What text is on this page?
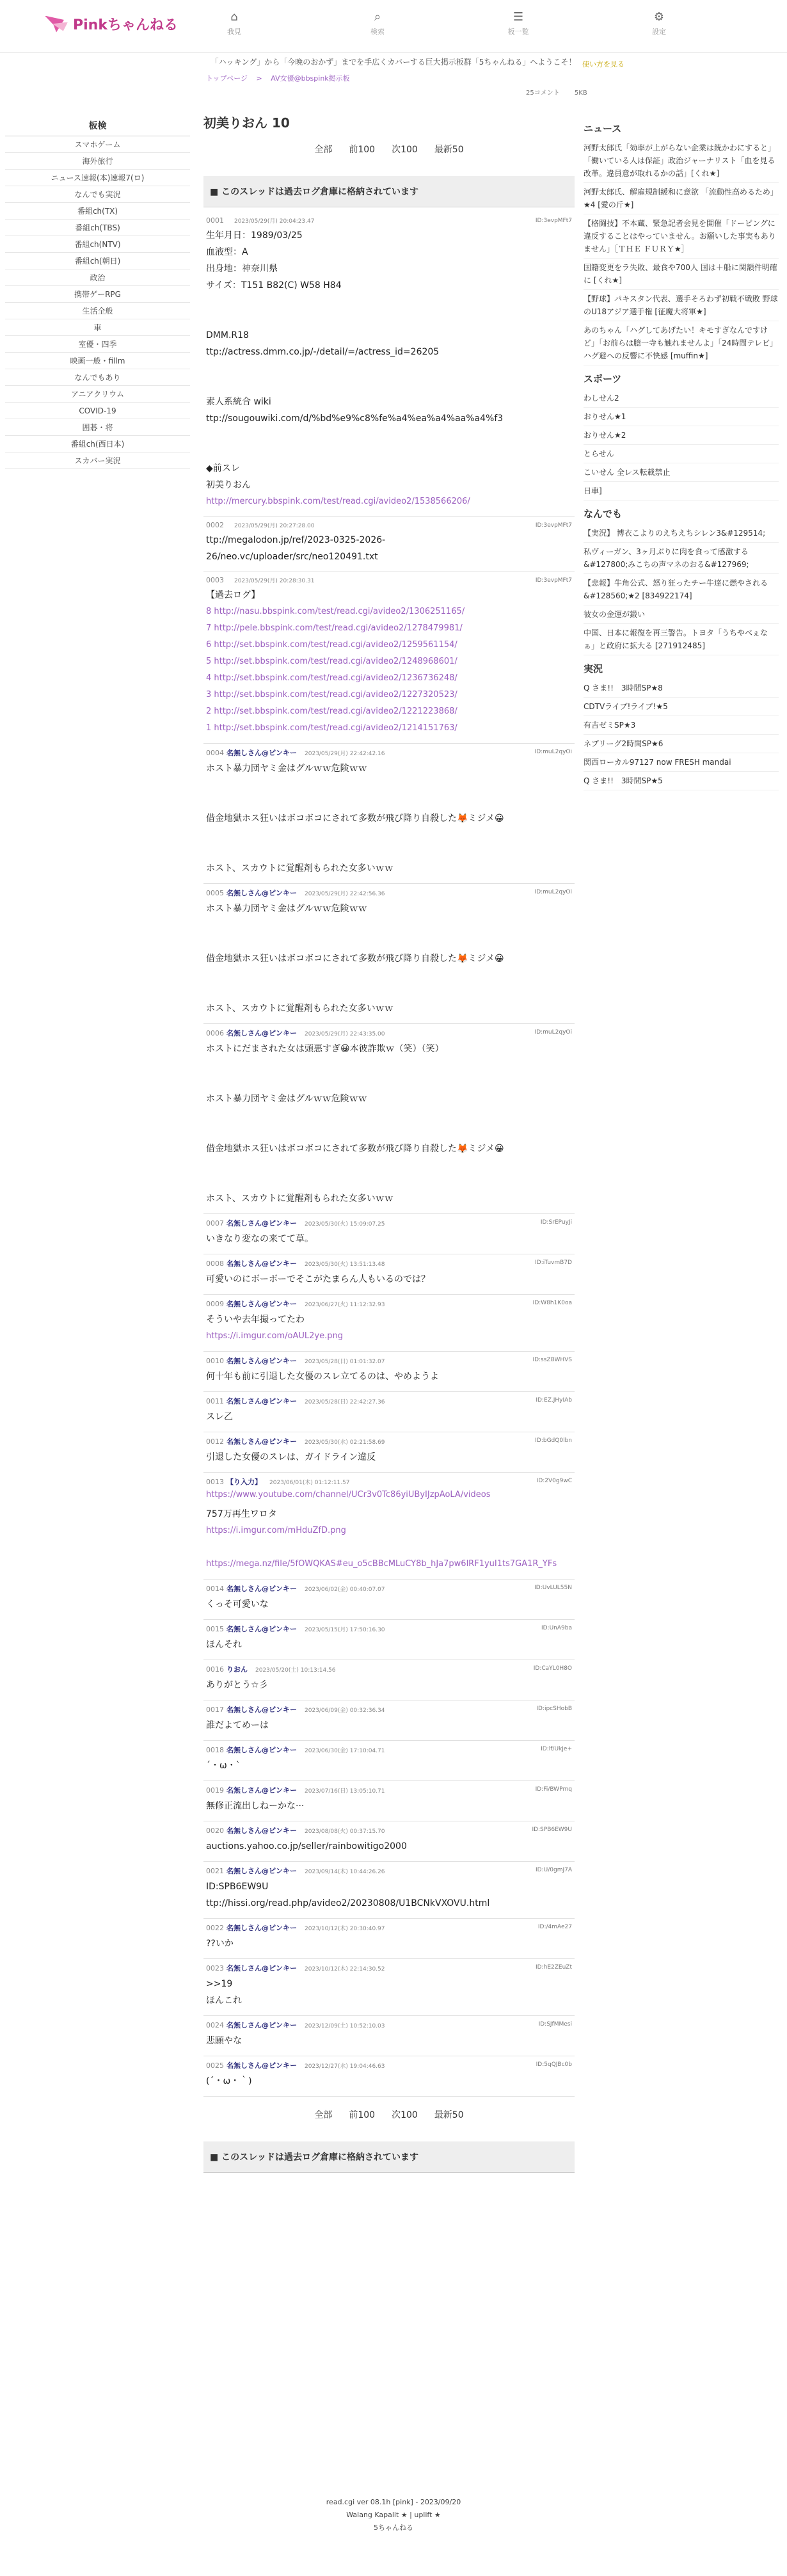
Pinkちゃんねる
⌂
我見
⌕
検索
☰
板一覧
⚙
設定
「ハッキング」から「今晩のおかず」までを手広くカバーする巨大掲示板群「5ちゃんねる」へようこそ！
トップページ > AV女優@bbspink掲示板
使い方を見る
25コメント 5KB
板検
スマホゲーム
海外旅行
ニュース速報(本)速報7(ロ)
なんでも実況
番組ch(TX)
番組ch(TBS)
番組ch(NTV)
番組ch(朝日)
政治
携帯ゲーRPG
生活全般
車
室優・四季
映画一般・fillm
なんでもあり
アニアクリウム
COVID-19
囲碁・将
番組ch(西日本)
スカバー実況
初美りおん 10
全部 前100 次100 最新50
■ このスレッドは過去ログ倉庫に格納されています
0001 2023/05/29(月) 20:04:23.47	ID:3evpMFt7
生年月日：1989/03/25
血液型：A
出身地：神奈川県
サイズ：T151 B82(C) W58 H84

DMM.R18
ttp://actress.dmm.co.jp/-/detail/=/actress_id=26205

素人系統合 wiki
ttp://sougouwiki.com/d/%bd%e9%c8%fe%a4%ea%a4%aa%a4%f3

◆前スレ
初美りおん
http://mercury.bbspink.com/test/read.cgi/avideo2/1538566206/
0002 2023/05/29(月) 20:27:28.00	ID:3evpMFt7
ttp://megalodon.jp/ref/2023-0325-2026-
26/neo.vc/uploader/src/neo120491.txt
0003 2023/05/29(月) 20:28:30.31	ID:3evpMFt7
【過去ログ】
8 http://nasu.bbspink.com/test/read.cgi/avideo2/1306251165/
7 http://pele.bbspink.com/test/read.cgi/avideo2/1278479981/
6 http://set.bbspink.com/test/read.cgi/avideo2/1259561154/
5 http://set.bbspink.com/test/read.cgi/avideo2/1248968601/
4 http://set.bbspink.com/test/read.cgi/avideo2/1236736248/
3 http://set.bbspink.com/test/read.cgi/avideo2/1227320523/
2 http://set.bbspink.com/test/read.cgi/avideo2/1221223868/
1 http://set.bbspink.com/test/read.cgi/avideo2/1214151763/
0004 名無しさん@ピンキー 2023/05/29(月) 22:42:42.16	ID:muL2qyOi
ホスト暴力団ヤミ金はグルｗｗ危険ｗｗ

借金地獄ホス狂いはボコボコにされて多数が飛び降り自殺した🦊ミジメ😀

ホスト、スカウトに覚醒剤もられた女多いｗｗ
0005 名無しさん@ピンキー 2023/05/29(月) 22:42:56.36	ID:muL2qyOi
ホスト暴力団ヤミ金はグルｗｗ危険ｗｗ

借金地獄ホス狂いはボコボコにされて多数が飛び降り自殺した🦊ミジメ😀

ホスト、スカウトに覚醒剤もられた女多いｗｗ
0006 名無しさん@ピンキー 2023/05/29(月) 22:43:35.00	ID:muL2qyOi
ホストにだまされた女は頭悪すぎ😀本彼詐欺ｗ（笑）（笑）

ホスト暴力団ヤミ金はグルｗｗ危険ｗｗ

借金地獄ホス狂いはボコボコにされて多数が飛び降り自殺した🦊ミジメ😀

ホスト、スカウトに覚醒剤もられた女多いｗｗ
0007 名無しさん@ピンキー 2023/05/30(火) 15:09:07.25	ID:SrEPuyJi
いきなり変なの来てて草。
0008 名無しさん@ピンキー 2023/05/30(火) 13:51:13.48	ID:iTuvmB7D
可愛いのにボーボーでそこがたまらん人もいるのでは？
0009 名無しさん@ピンキー 2023/06/27(火) 11:12:32.93	ID:W8h1K0oa
そういや去年撮ってたわ
https://i.imgur.com/oAUL2ye.png
0010 名無しさん@ピンキー 2023/05/28(日) 01:01:32.07	ID:ssZBWHVS
何十年も前に引退した女優のスレ立てるのは、やめようよ
0011 名無しさん@ピンキー 2023/05/28(日) 22:42:27.36	ID:EZ.JHyIAb
スレ乙
0012 名無しさん@ピンキー 2023/05/30(水) 02:21:58.69	ID:bGdQ0lbn
引退した女優のスレは、ガイドライン違反
0013 【り入力】 2023/06/01(木) 01:12:11.57	ID:2V0g9wC
https://www.youtube.com/channel/UCr3v0Tc86yiUByIJzpAoLA/videos
757万再生ワロタ
https://i.imgur.com/mHduZfD.png

https://mega.nz/file/5fOWQKAS#eu_o5cBBcMLuCY8b_hJa7pw6lRF1yuI1ts7GA1R_YFs
0014 名無しさん@ピンキー 2023/06/02(金) 00:40:07.07	ID:UvLUL55N
くっそ可愛いな
0015 名無しさん@ピンキー 2023/05/15(月) 17:50:16.30	ID:UnA9ba
ほんそれ
0016 りおん 2023/05/20(土) 10:13:14.56	ID:CaYL0H8O
ありがとう☆彡
0017 名無しさん@ピンキー 2023/06/09(金) 00:32:36.34	ID:ipcSHobB
誰だよてめーは
0018 名無しさん@ピンキー 2023/06/30(金) 17:10:04.71	ID:lf/UkJe+
´・ω・`
0019 名無しさん@ピンキー 2023/07/16(日) 13:05:10.71	ID:Fi/BWPmq
無修正流出しねーかな···
0020 名無しさん@ピンキー 2023/08/08(火) 00:37:15.70	ID:SPB6EW9U
auctions.yahoo.co.jp/seller/rainbowitigo2000
0021 名無しさん@ピンキー 2023/09/14(木) 10:44:26.26	ID:U/0gmJ7A
ID:SPB6EW9U
ttp://hissi.org/read.php/avideo2/20230808/U1BCNkVXOVU.html
0022 名無しさん@ピンキー 2023/10/12(木) 20:30:40.97	ID:/4mAe27
??いか
0023 名無しさん@ピンキー 2023/10/12(木) 22:14:30.52	ID:hE2ZEuZt
>>19
ほんこれ
0024 名無しさん@ピンキー 2023/12/09(土) 10:52:10.03	ID:SJfMMesi
悲願やな
0025 名無しさん@ピンキー 2023/12/27(水) 19:04:46.63	ID:5qQJBc0b
(´・ω・｀)
全部 前100 次100 最新50
■ このスレッドは過去ログ倉庫に格納されています
ニュース
河野太郎氏「効率が上がらない企業は統かわにすると」「働いている人は保証」政治ジャーナリスト「血を見る改革。違員意が取れるかの話」[くれ★]
河野太郎氏、解雇規制緩和に意欲 「流動性高めるため」★4 [愛の斤★]
【格闘技】不本蔵、緊急記者会見を開催「ドーピングに違反することはやっていません。お願いした事実もありません」［ＴＨＥ ＦＵＲＹ★］
国籍変更をラ失敗、最食や700人 国は＋船に関額件明確に [くれ★]
【野球】パキスタン代表、選手そろわず初戦不戦敗 野球のU18アジア選手権 [征魔大将軍★]
あのちゃん「ハグしてあげたい！キモすぎなんですけど」「お前らは臆一寺も触れませんよ」「24時間テレビ」ハグ避への反響に不快感 [muffin★]
スポーツ
わしせん2
おりせん★1
おりせん★2
とらせん
こいせん 全レス転載禁止
日車]
なんでも
【実況】 博衣こよりのえちえちシレン3&#129514;
私ヴィーガン、3ヶ月ぶりに肉を食って感激する&#127800;みこちの声マネのおる&#127969;
【悲報】牛角公式、怒り狂ったチー牛達に燃やされる&#128560;★2 [834922174]
彼女の金運が鍛い
中国、日本に報復を再三警告。トヨタ「うちやべぇなぁ」と政府に拡大る [271912485]
実況
Q さま!!　3時間SP★8
CDTVライブ!ライブ!★5
有吉ゼミSP★3
ネプリーグ2時間SP★6
関西ローカル97127 now FRESH mandai
Q さま!!　3時間SP★5
read.cgi ver 08.1h [pink] - 2023/09/20
Walang Kapalit ★ | uplift ★
5ちゃんねる
